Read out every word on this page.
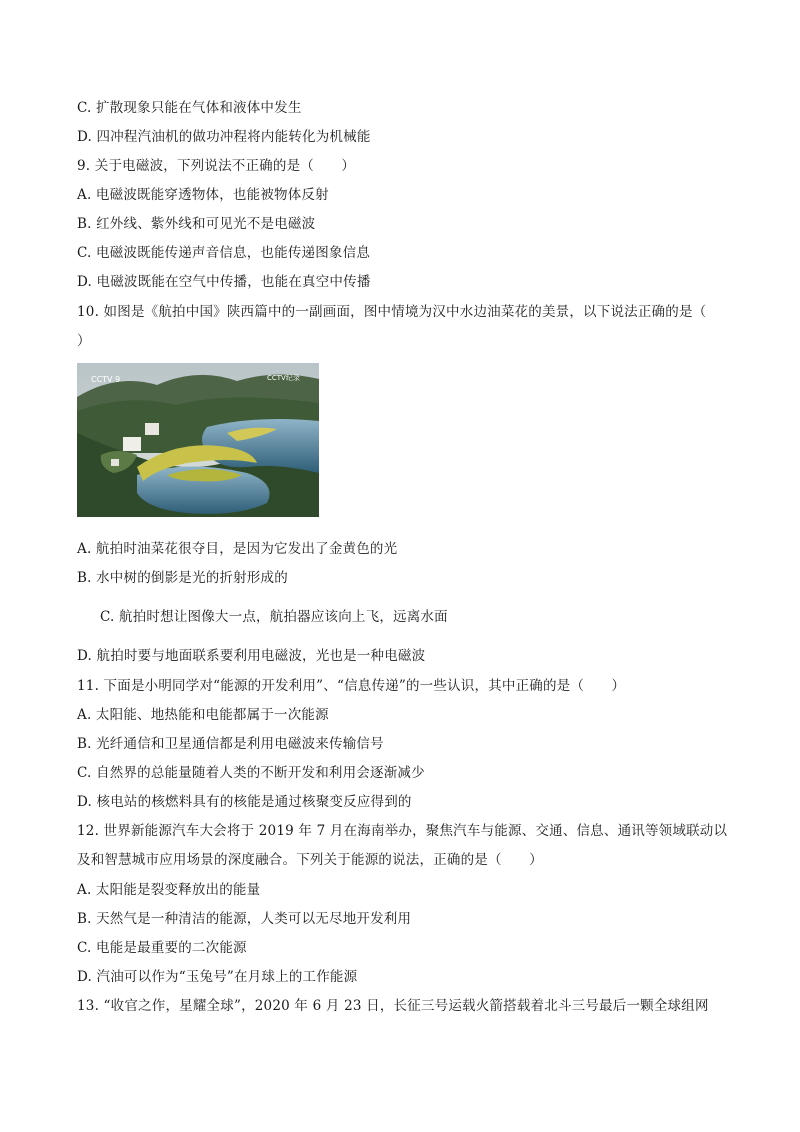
C. 扩散现象只能在气体和液体中发生
D. 四冲程汽油机的做功冲程将内能转化为机械能
9. 关于电磁波，下列说法不正确的是（　　）
A. 电磁波既能穿透物体，也能被物体反射
B. 红外线、紫外线和可见光不是电磁波
C. 电磁波既能传递声音信息，也能传递图象信息
D. 电磁波既能在空气中传播，也能在真空中传播
10. 如图是《航拍中国》陕西篇中的一副画面，图中情境为汉中水边油菜花的美景，以下说法正确的是（
）
CCTV 9	CCTV纪录
A. 航拍时油菜花很夺目，是因为它发出了金黄色的光
B. 水中树的倒影是光的折射形成的
C. 航拍时想让图像大一点，航拍器应该向上飞，远离水面
D. 航拍时要与地面联系要利用电磁波，光也是一种电磁波
11. 下面是小明同学对“能源的开发利用”、“信息传递”的一些认识，其中正确的是（　　）
A. 太阳能、地热能和电能都属于一次能源
B. 光纤通信和卫星通信都是利用电磁波来传输信号
C. 自然界的总能量随着人类的不断开发和利用会逐渐减少
D. 核电站的核燃料具有的核能是通过核聚变反应得到的
12. 世界新能源汽车大会将于 2019 年 7 月在海南举办，聚焦汽车与能源、交通、信息、通讯等领域联动以
及和智慧城市应用场景的深度融合。下列关于能源的说法，正确的是（　　）
A. 太阳能是裂变释放出的能量
B. 天然气是一种清洁的能源，人类可以无尽地开发利用
C. 电能是最重要的二次能源
D. 汽油可以作为“玉兔号”在月球上的工作能源
13. “收官之作，星耀全球”，2020 年 6 月 23 日，长征三号运载火箭搭载着北斗三号最后一颗全球组网
